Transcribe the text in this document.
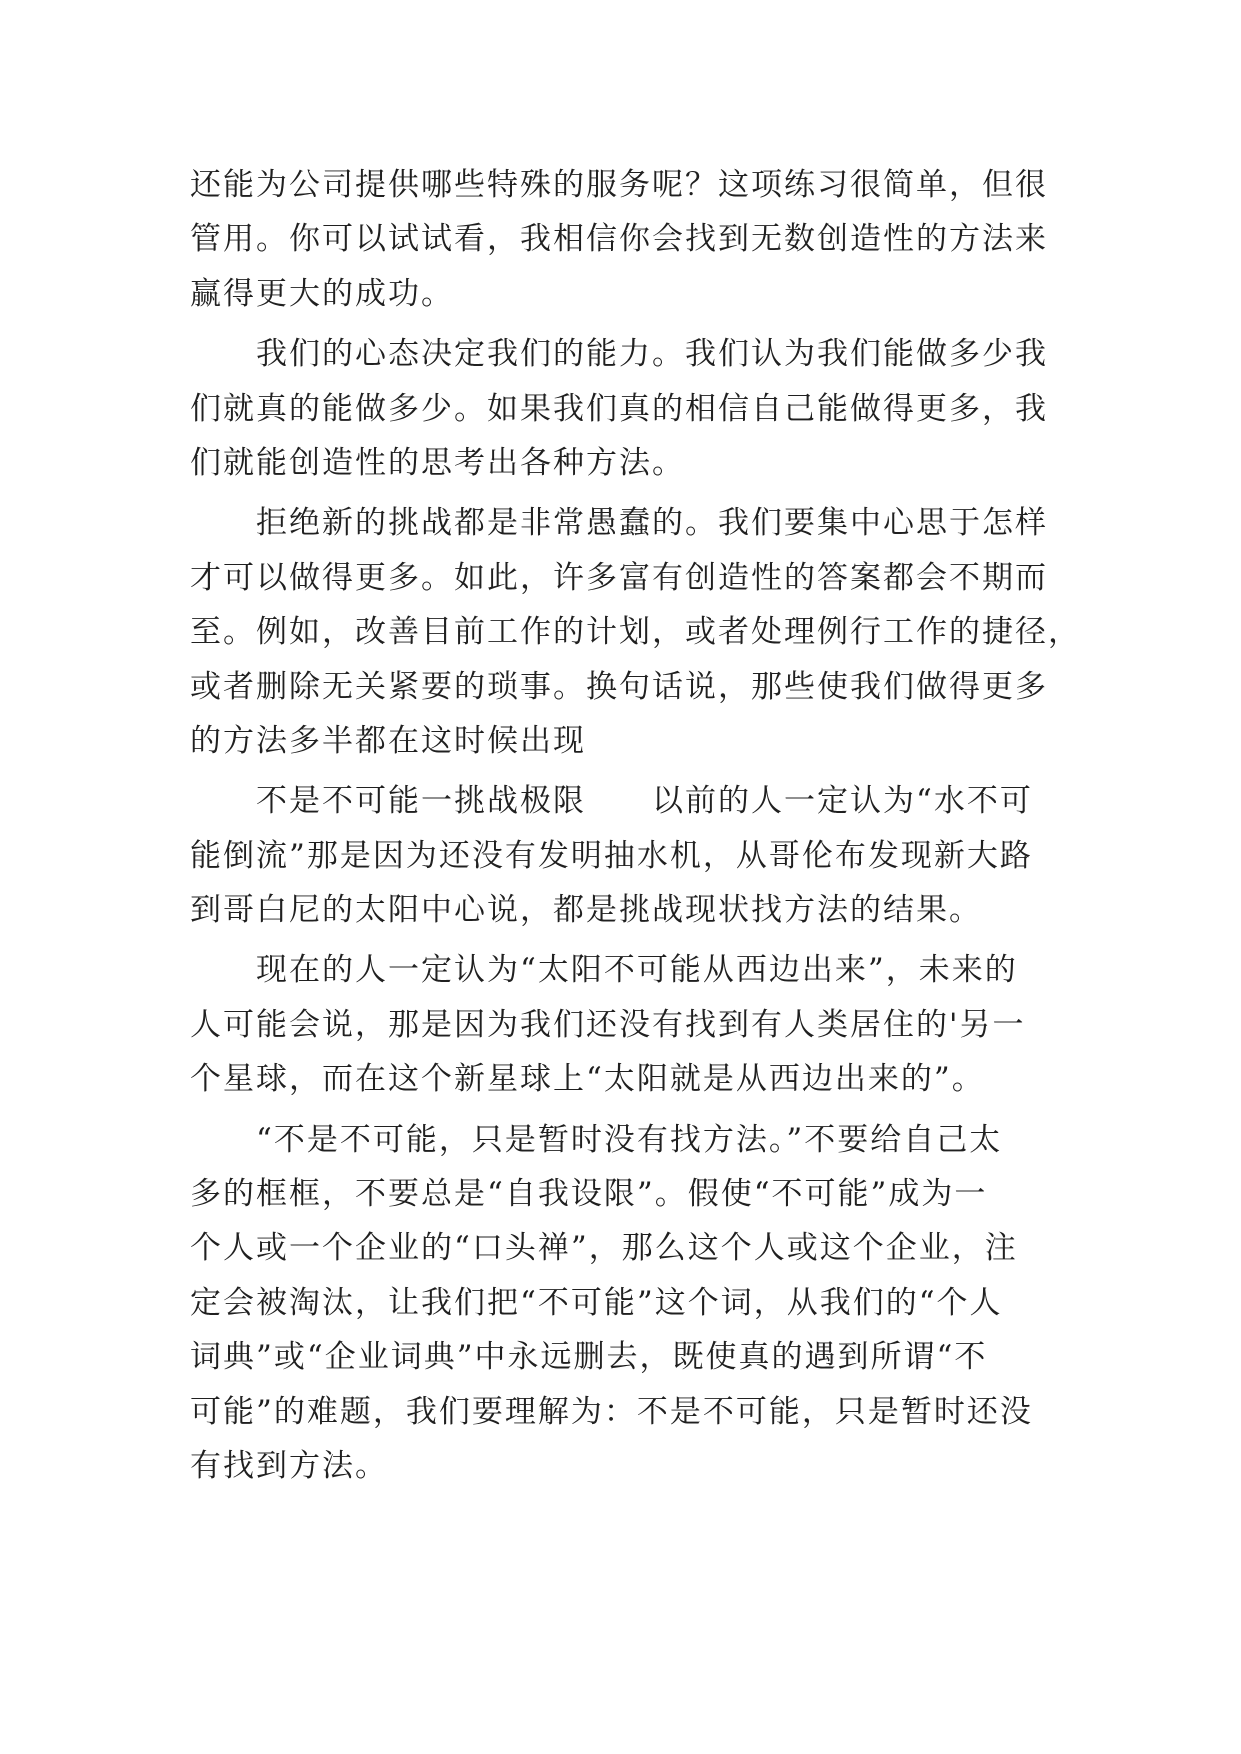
还能为公司提供哪些特殊的服务呢？这项练习很简单，但很
管用。你可以试试看，我相信你会找到无数创造性的方法来
赢得更大的成功。
我们的心态决定我们的能力。我们认为我们能做多少我
们就真的能做多少。如果我们真的相信自己能做得更多，我
们就能创造性的思考出各种方法。
拒绝新的挑战都是非常愚蠢的。我们要集中心思于怎样
才可以做得更多。如此，许多富有创造性的答案都会不期而
至。例如，改善目前工作的计划，或者处理例行工作的捷径，
或者删除无关紧要的琐事。换句话说，那些使我们做得更多
的方法多半都在这时候出现
不是不可能一挑战极限　　以前的人一定认为“水不可
能倒流”那是因为还没有发明抽水机，从哥伦布发现新大路
到哥白尼的太阳中心说，都是挑战现状找方法的结果。
现在的人一定认为“太阳不可能从西边出来”，未来的
人可能会说，那是因为我们还没有找到有人类居住的'另一
个星球，而在这个新星球上“太阳就是从西边出来的”。
“不是不可能，只是暂时没有找方法。”不要给自己太
多的框框，不要总是“自我设限”。假使“不可能”成为一
个人或一个企业的“口头禅”，那么这个人或这个企业，注
定会被淘汰，让我们把“不可能”这个词，从我们的“个人
词典”或“企业词典”中永远删去，既使真的遇到所谓“不
可能”的难题，我们要理解为：不是不可能，只是暂时还没
有找到方法。
